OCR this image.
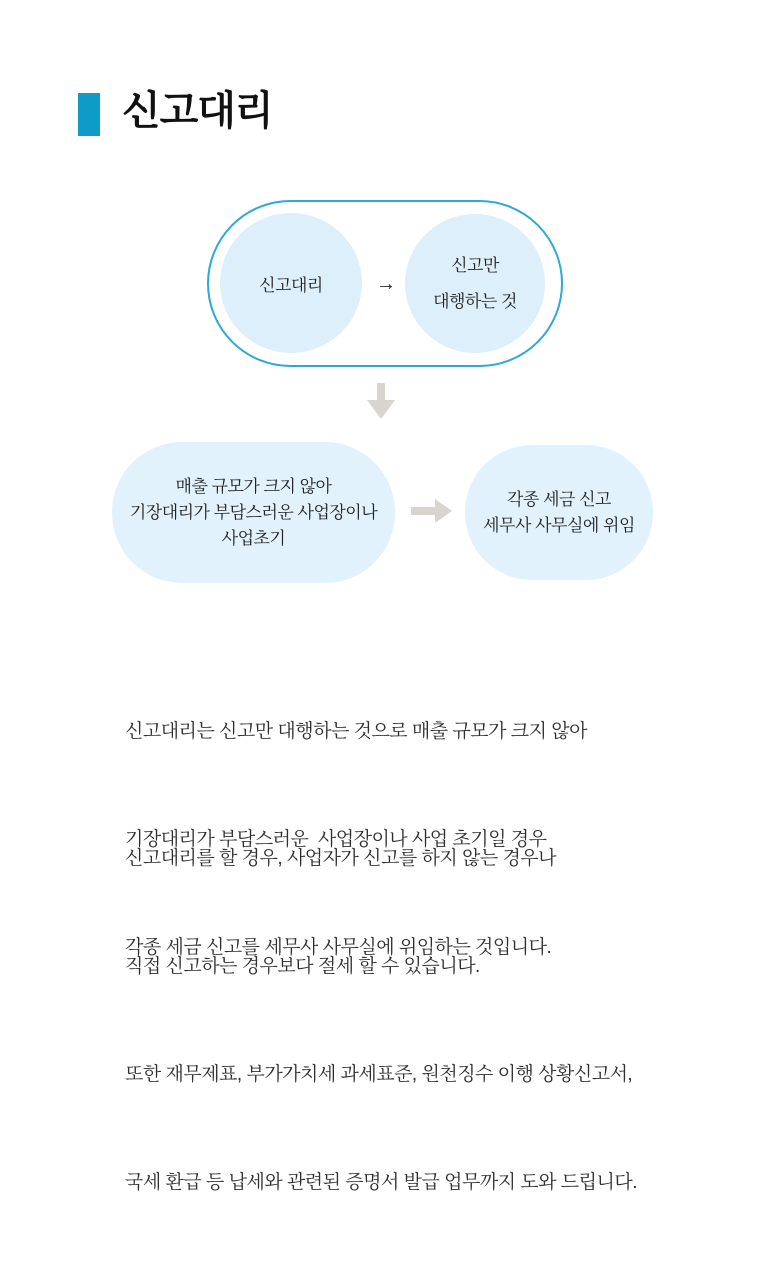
신고대리
신고대리	→
신고만
대행하는 것
매출 규모가 크지 않아
기장대리가 부담스러운 사업장이나
사업초기
각종 세금 신고
세무사 사무실에 위임

신고대리는 신고만 대행하는 것으로 매출 규모가 크지 않아

기장대리가 부담스러운  사업장이나 사업 초기일 경우

각종 세금 신고를 세무사 사무실에 위임하는 것입니다.

신고대리를 할 경우, 사업자가 신고를 하지 않는 경우나

직접 신고하는 경우보다 절세 할 수 있습니다.

또한 재무제표, 부가가치세 과세표준, 원천징수 이행 상황신고서,

국세 환급 등 납세와 관련된 증명서 발급 업무까지 도와 드립니다.
